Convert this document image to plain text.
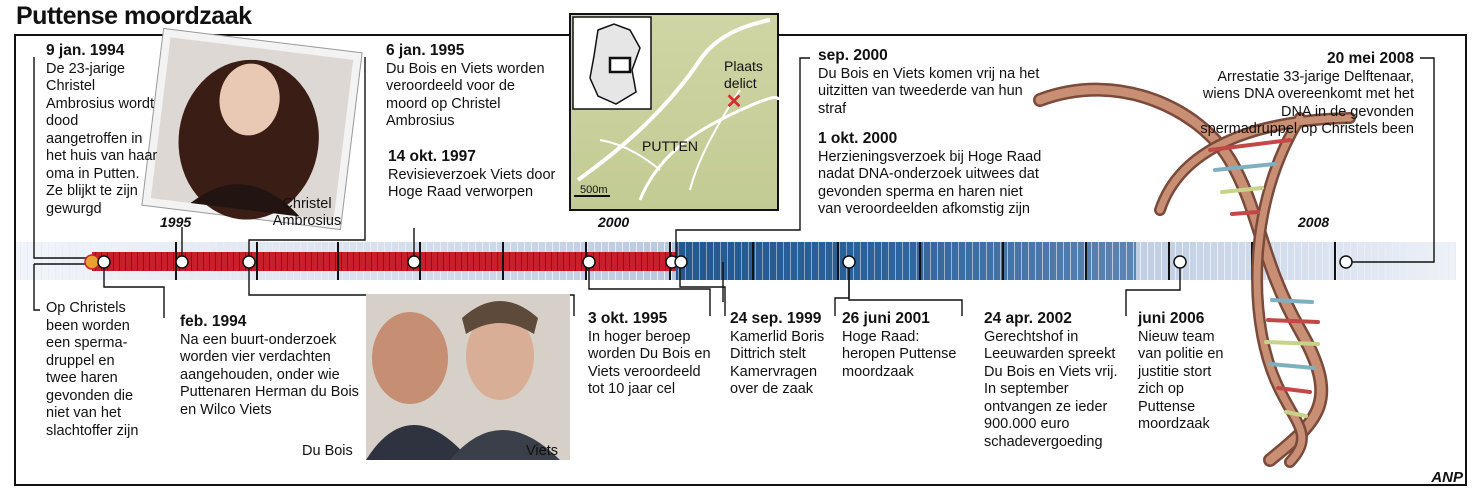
Puttense moordzaak
✕
1995	2000	2008
Christel Ambrosius
Du Bois	Viets
Plaats delict
PUTTEN
500m
9 jan. 1994
De 23-jarige Christel Ambrosius wordt dood aangetroffen in het huis van haar oma in Putten. Ze blijkt te zijn gewurgd
Op Christels been worden een sperma-druppel en twee haren gevonden die niet van het slachtoffer zijn
feb. 1994
Na een buurt-onderzoek worden vier verdachten aangehouden, onder wie Puttenaren Herman du Bois en Wilco Viets
6 jan. 1995
Du Bois en Viets worden veroordeeld voor de moord op Christel Ambrosius
14 okt. 1997
Revisieverzoek Viets door Hoge Raad verworpen
3 okt. 1995
In hoger beroep worden Du Bois en Viets veroordeeld tot 10 jaar cel
sep. 2000
Du Bois en Viets komen vrij na het uitzitten van tweederde van hun straf
1 okt. 2000
Herzieningsverzoek bij Hoge Raad nadat DNA-onderzoek uitwees dat gevonden sperma en haren niet van veroordeelden afkomstig zijn
24 sep. 1999
Kamerlid Boris Dittrich stelt Kamervragen over de zaak
26 juni 2001
Hoge Raad: heropen Puttense moordzaak
24 apr. 2002
Gerechtshof in Leeuwarden spreekt Du Bois en Viets vrij. In september ontvangen ze ieder 900.000 euro schadevergoeding
juni 2006
Nieuw team van politie en justitie stort zich op Puttense moordzaak
20 mei 2008
Arrestatie 33-jarige Delftenaar, wiens DNA overeenkomt met het DNA in de gevonden spermadruppel op Christels been
ANP
